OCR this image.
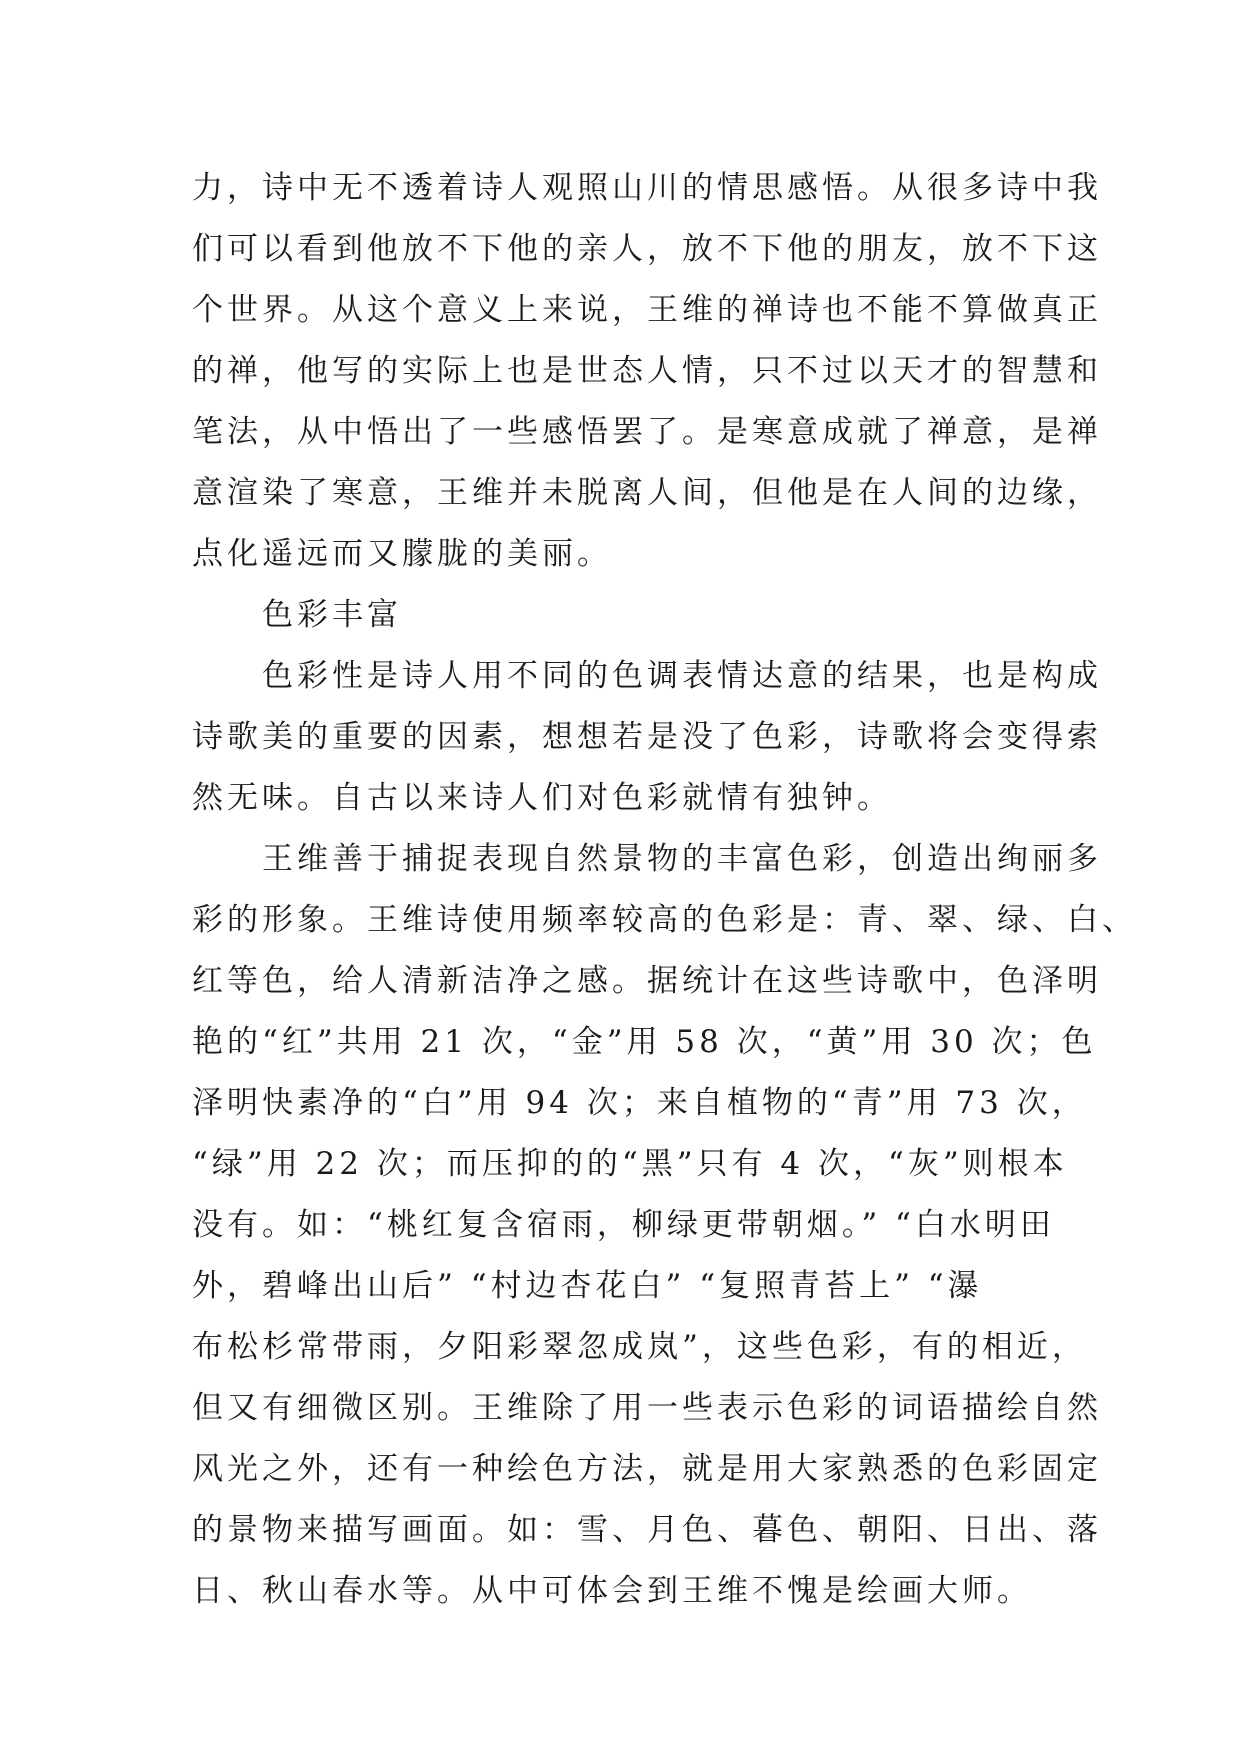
力，诗中无不透着诗人观照山川的情思感悟。从很多诗中我
们可以看到他放不下他的亲人，放不下他的朋友，放不下这
个世界。从这个意义上来说，王维的禅诗也不能不算做真正
的禅，他写的实际上也是世态人情，只不过以天才的智慧和
笔法，从中悟出了一些感悟罢了。是寒意成就了禅意，是禅
意渲染了寒意，王维并未脱离人间，但他是在人间的边缘，
点化遥远而又朦胧的美丽。
色彩丰富
色彩性是诗人用不同的色调表情达意的结果，也是构成
诗歌美的重要的因素，想想若是没了色彩，诗歌将会变得索
然无味。自古以来诗人们对色彩就情有独钟。
王维善于捕捉表现自然景物的丰富色彩，创造出绚丽多
彩的形象。王维诗使用频率较高的色彩是：青、翠、绿、白、
红等色，给人清新洁净之感。据统计在这些诗歌中，色泽明
艳的“红”共用 21 次，“金”用 58 次，“黄”用 30 次；色
泽明快素净的“白”用 94 次；来自植物的“青”用 73 次，
“绿”用 22 次；而压抑的的“黑”只有 4 次，“灰”则根本
没有。如：“桃红复含宿雨，柳绿更带朝烟。” “白水明田
外，碧峰出山后” “村边杏花白” “复照青苔上” “瀑
布松杉常带雨，夕阳彩翠忽成岚”，这些色彩，有的相近，
但又有细微区别。王维除了用一些表示色彩的词语描绘自然
风光之外，还有一种绘色方法，就是用大家熟悉的色彩固定
的景物来描写画面。如：雪、月色、暮色、朝阳、日出、落
日、秋山春水等。从中可体会到王维不愧是绘画大师。
